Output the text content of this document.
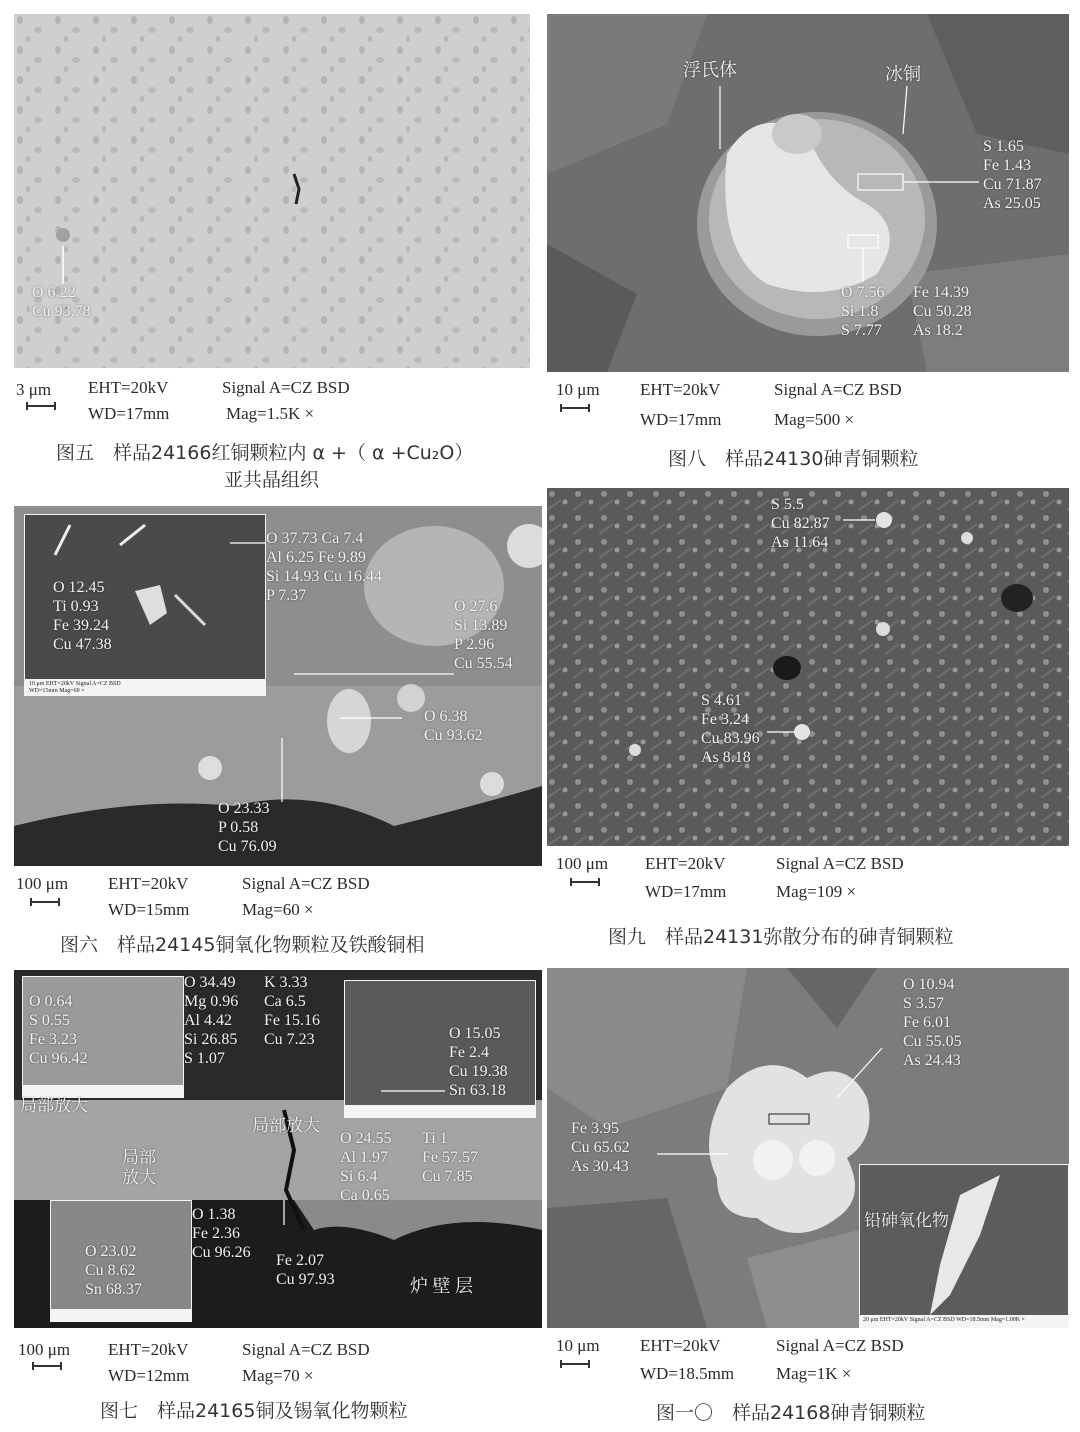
O 6.22
Cu 93.78
3 μm EHT=20kV	Signal A=CZ BSD
WD=17mm	Mag=1.5K ×
图五　样品24166红铜颗粒内 α +（ α +Cu₂O）
亚共晶组织
浮氏体	冰铜
S 1.65
Fe 1.43
Cu 71.87
As 25.05
O 7.56
Si 1.8
S 7.77
Fe 14.39
Cu 50.28
As 18.2
10 μm EHT=20kV	Signal A=CZ BSD
WD=17mm	Mag=500 ×
图八　样品24130砷青铜颗粒
O 12.45
Ti 0.93
Fe 39.24
Cu 47.38
10 μm EHT=20kV Signal A=CZ BSD
WD=15mm Mag=60 ×
O 37.73 Ca 7.4
Al 6.25 Fe 9.89
Si 14.93 Cu 16.44
P 7.37
O 27.6
Si 13.89
P 2.96
Cu 55.54
O 6.38
Cu 93.62
O 23.33
P 0.58
Cu 76.09
100 μm EHT=20kV	Signal A=CZ BSD
WD=15mm	Mag=60 ×
图六　样品24145铜氧化物颗粒及铁酸铜相
S 5.5
Cu 82.87
As 11.64
S 4.61
Fe 3.24
Cu 83.96
As 8.18
100 μm EHT=20kV	Signal A=CZ BSD
WD=17mm	Mag=109 ×
图九　样品24131弥散分布的砷青铜颗粒
O 0.64
S 0.55
Fe 3.23
Cu 96.42
O 34.49
Mg 0.96
Al 4.42
Si 26.85
S 1.07
K 3.33
Ca 6.5
Fe 15.16
Cu 7.23	O 15.05
Fe 2.4
Cu 19.38
Sn 63.18
局部放大
局部放大
局部
放大
O 24.55
Al 1.97
Si 6.4
Ca 0.65
Ti 1
Fe 57.57
Cu 7.85
O 23.02
Cu 8.62
Sn 68.37
O 1.38
Fe 2.36
Cu 96.26 Fe 2.07
Cu 97.93	炉 壁 层
100 μm EHT=20kV	Signal A=CZ BSD
WD=12mm	Mag=70 ×
图七　样品24165铜及锡氧化物颗粒
O 10.94
S 3.57
Fe 6.01
Cu 55.05
As 24.43
Fe 3.95
Cu 65.62
As 30.43
铅砷氧化物
20 μm EHT=20kV Signal A=CZ BSD WD=18.5mm Mag=1.00K ×
10 μm EHT=20kV	Signal A=CZ BSD
WD=18.5mm Mag=1K ×
图一〇　样品24168砷青铜颗粒
